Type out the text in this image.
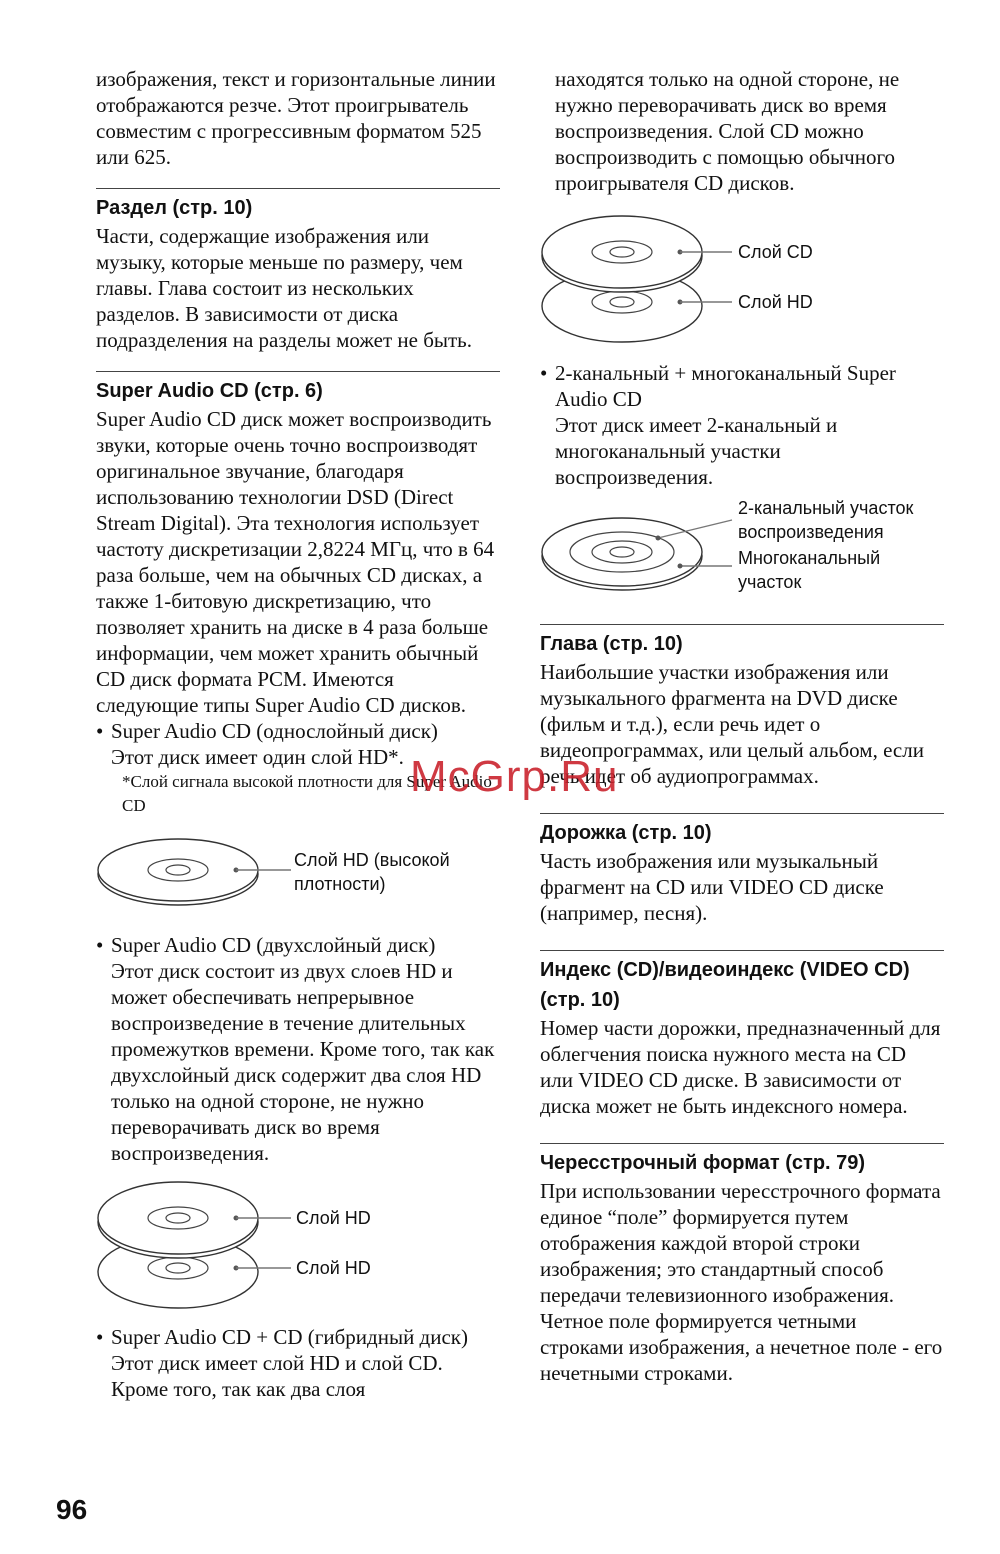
изображения, текст и горизонтальные линии отображаются резче. Этот проигрыватель совместим с прогрессивным форматом 525 или 625.

Раздел (стр. 10)

Части, содержащие изображения или музыку, которые меньше по размеру, чем главы. Глава состоит из нескольких разделов. В зависимости от диска подразделения на разделы может не быть.

Super Audio CD (стр. 6)

Super Audio CD диск может воспроизводить звуки, которые очень точно воспроизводят оригинальное звучание, благодаря использованию технологии DSD (Direct Stream Digital). Эта технология использует частоту дискретизации 2,8224 МГц, что в 64 раза больше, чем на обычных CD дисках, а также 1-битовую дискретизацию, что позволяет хранить на диске в 4 раза больше информации, чем может хранить обычный CD диск формата PCM. Имеются следующие типы Super Audio CD дисков.

• Super Audio CD (однослойный диск)

Этот диск имеет один слой HD*.

*Слой сигнала высокой плотности для Super Audio CD

Слой HD (высокой плотности)

• Super Audio CD (двухслойный диск)

Этот диск состоит из двух слоев HD и может обеспечивать непрерывное воспроизведение в течение длительных промежутков времени. Кроме того, так как двухслойный диск содержит два слоя HD только на одной стороне, не нужно переворачивать диск во время воспроизведения.

Слой HD
Слой HD

• Super Audio CD + CD (гибридный диск)

Этот диск имеет слой HD и слой CD. Кроме того, так как два слоя

находятся только на одной стороне, не нужно переворачивать диск во время воспроизведения. Слой CD можно воспроизводить с помощью обычного проигрывателя CD дисков.

Слой CD
Слой HD

• 2-канальный + многоканальный Super Audio CD

Этот диск имеет 2-канальный и многоканальный участки воспроизведения.

2-канальный участок воспроизведения
Многоканальный участок

Глава (стр. 10)

Наибольшие участки изображения или музыкального фрагмента на DVD диске (фильм и т.д.), если речь идет о видеопрограммах, или целый альбом, если речь идет об аудиопрограммах.

Дорожка (стр. 10)

Часть изображения или музыкальный фрагмент на CD или VIDEO CD диске (например, песня).

Индекс (CD)/видеоиндекс (VIDEO CD) (стр. 10)

Номер части дорожки, предназначенный для облегчения поиска нужного места на CD или VIDEO CD диске. В зависимости от диска может не быть индексного номера.

Чересстрочный формат (стр. 79)

При использовании чересстрочного формата единое “поле” формируется путем отображения каждой второй строки изображения; это стандартный способ передачи телевизионного изображения. Четное поле формируется четными строками изображения, а нечетное поле - его нечетными строками.

McGrp.Ru
96
